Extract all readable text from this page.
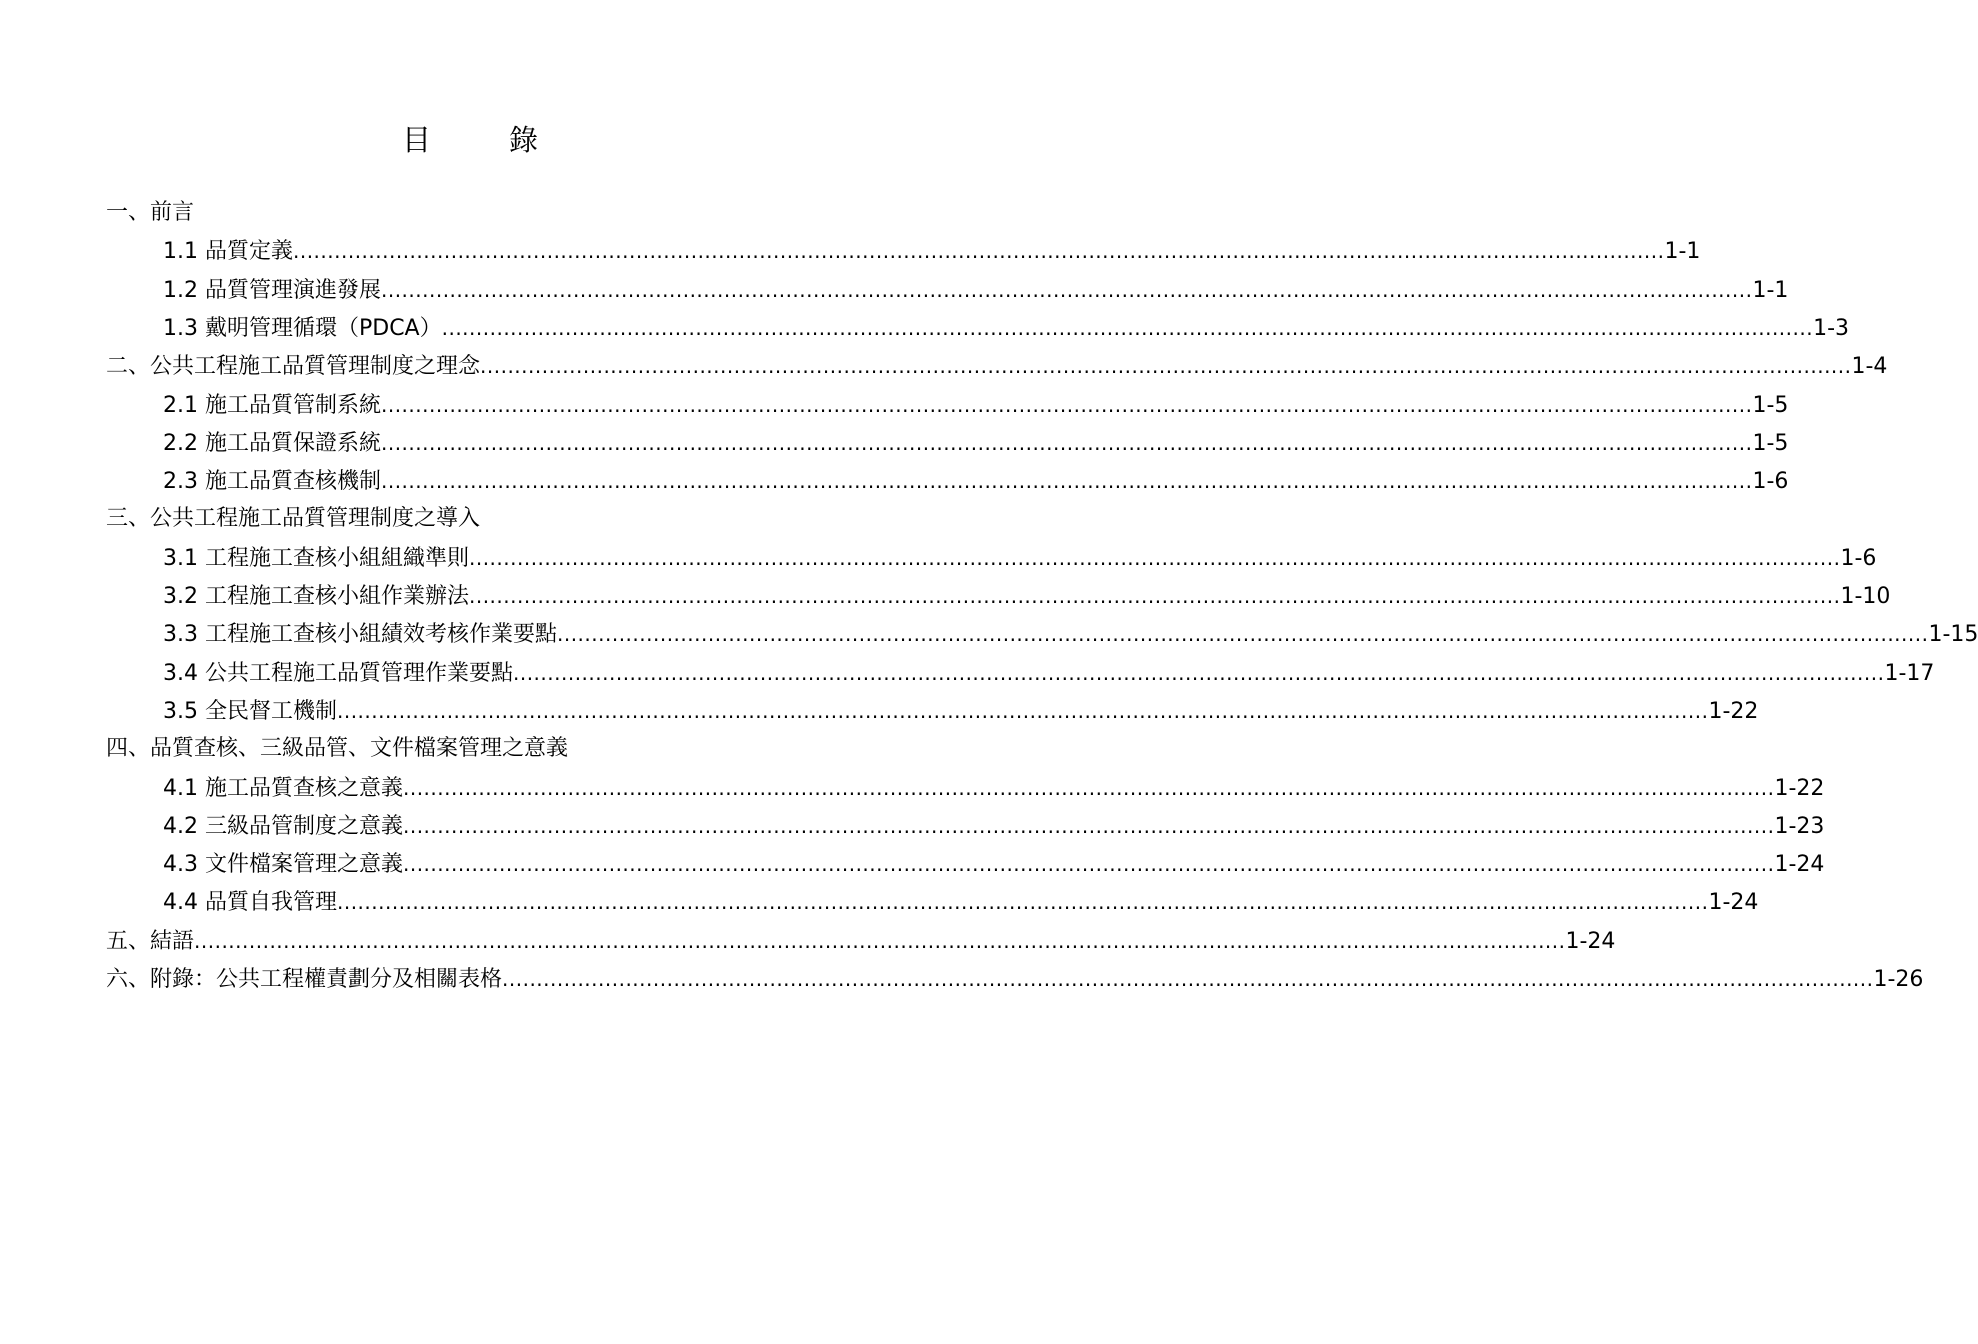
目	錄
一、前言
1.1 品質定義 ........................................................................................................................................................................................................ 1-1
1.2 品質管理演進發展 ........................................................................................................................................................................................................ 1-1
1.3 戴明管理循環（PDCA） ........................................................................................................................................................................................................ 1-3
二、公共工程施工品質管理制度之理念 ........................................................................................................................................................................................................ 1-4
2.1 施工品質管制系統 ........................................................................................................................................................................................................ 1-5
2.2 施工品質保證系統 ........................................................................................................................................................................................................ 1-5
2.3 施工品質查核機制 ........................................................................................................................................................................................................ 1-6
三、公共工程施工品質管理制度之導入
3.1 工程施工查核小組組織準則 ........................................................................................................................................................................................................ 1-6
3.2 工程施工查核小組作業辦法 ........................................................................................................................................................................................................ 1-10
3.3 工程施工查核小組績效考核作業要點 ........................................................................................................................................................................................................ 1-15
3.4 公共工程施工品質管理作業要點 ........................................................................................................................................................................................................ 1-17
3.5 全民督工機制 ........................................................................................................................................................................................................ 1-22
四、品質查核、三級品管、文件檔案管理之意義
4.1 施工品質查核之意義 ........................................................................................................................................................................................................ 1-22
4.2 三級品管制度之意義 ........................................................................................................................................................................................................ 1-23
4.3 文件檔案管理之意義 ........................................................................................................................................................................................................ 1-24
4.4 品質自我管理 ........................................................................................................................................................................................................ 1-24
五、結語 ........................................................................................................................................................................................................ 1-24
六、附錄：公共工程權責劃分及相關表格 ........................................................................................................................................................................................................ 1-26
